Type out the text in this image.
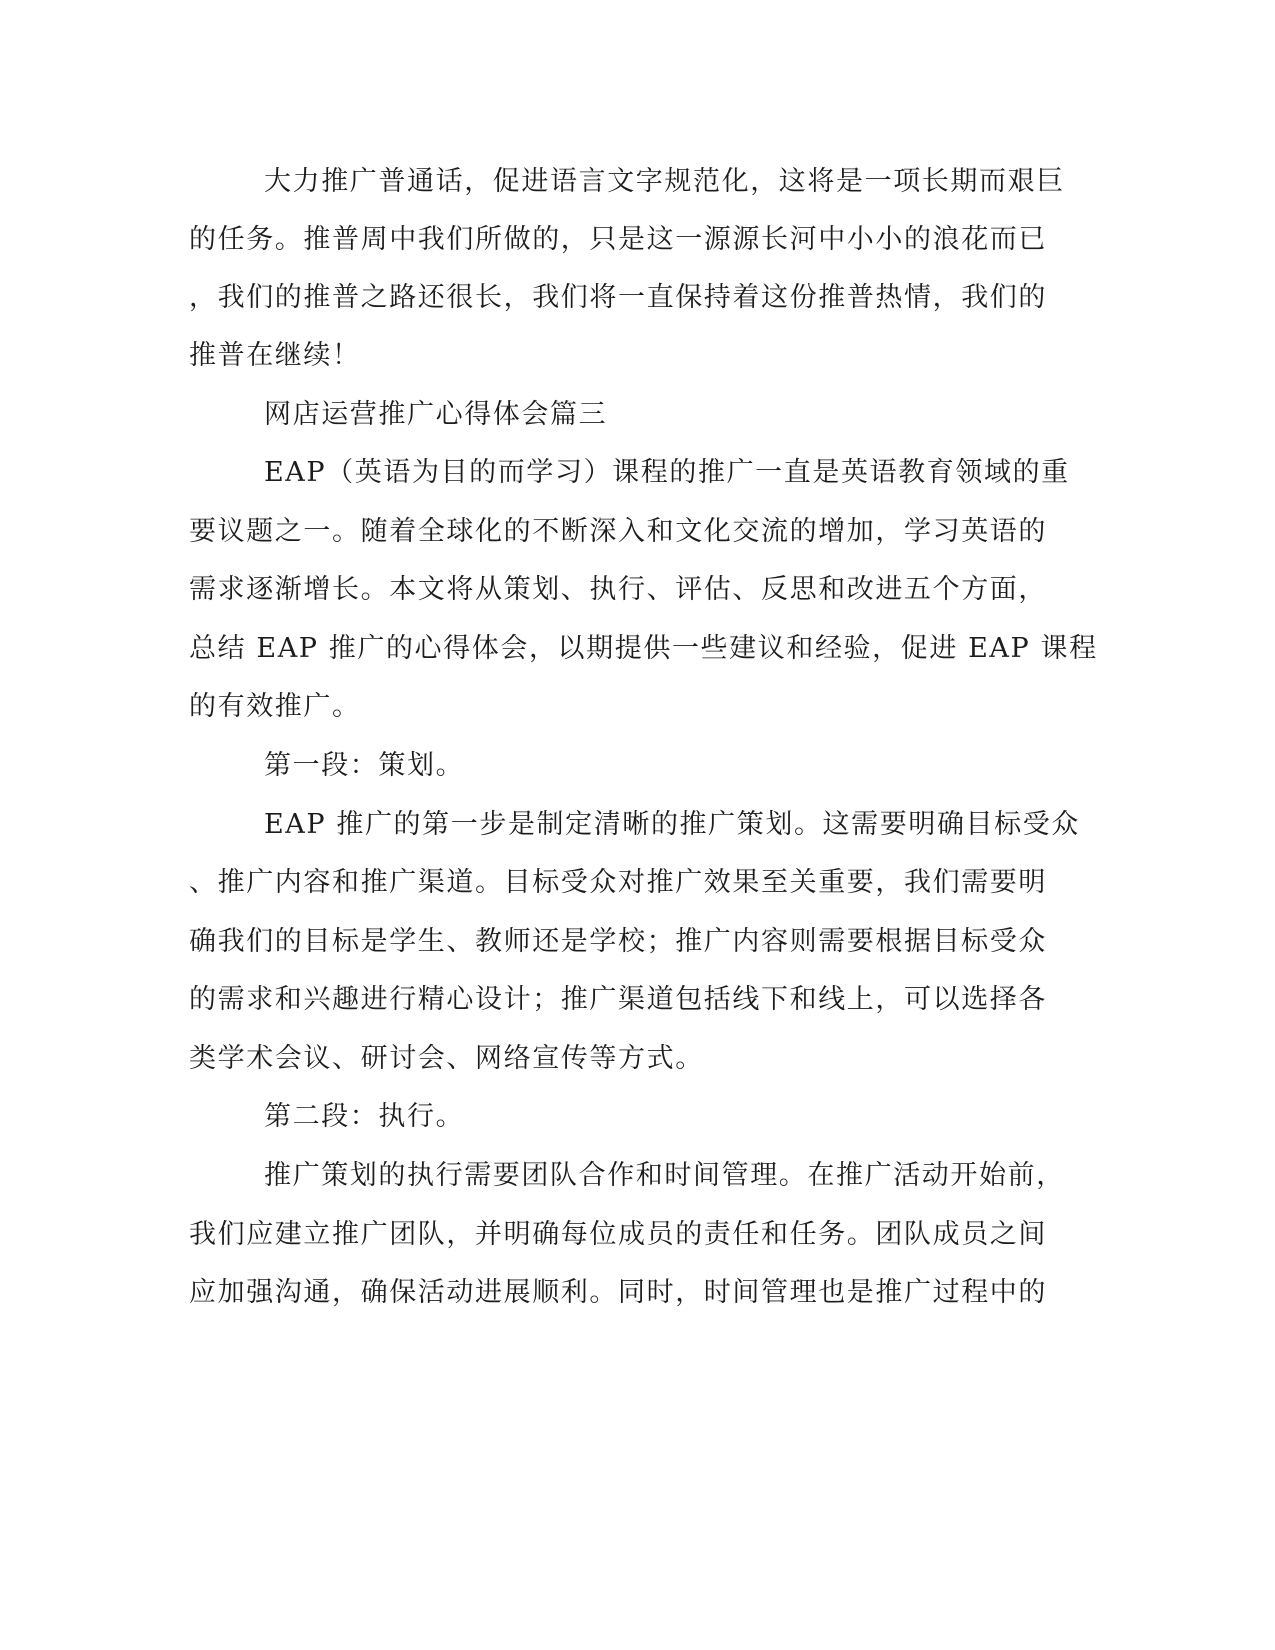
大力推广普通话，促进语言文字规范化，这将是一项长期而艰巨

的任务。推普周中我们所做的，只是这一源源长河中小小的浪花而已

，我们的推普之路还很长，我们将一直保持着这份推普热情，我们的

推普在继续！

网店运营推广心得体会篇三

EAP（英语为目的而学习）课程的推广一直是英语教育领域的重

要议题之一。随着全球化的不断深入和文化交流的增加，学习英语的

需求逐渐增长。本文将从策划、执行、评估、反思和改进五个方面，

总结 EAP 推广的心得体会，以期提供一些建议和经验，促进 EAP 课程

的有效推广。

第一段：策划。

EAP 推广的第一步是制定清晰的推广策划。这需要明确目标受众

、推广内容和推广渠道。目标受众对推广效果至关重要，我们需要明

确我们的目标是学生、教师还是学校；推广内容则需要根据目标受众

的需求和兴趣进行精心设计；推广渠道包括线下和线上，可以选择各

类学术会议、研讨会、网络宣传等方式。

第二段：执行。

推广策划的执行需要团队合作和时间管理。在推广活动开始前，

我们应建立推广团队，并明确每位成员的责任和任务。团队成员之间

应加强沟通，确保活动进展顺利。同时，时间管理也是推广过程中的
